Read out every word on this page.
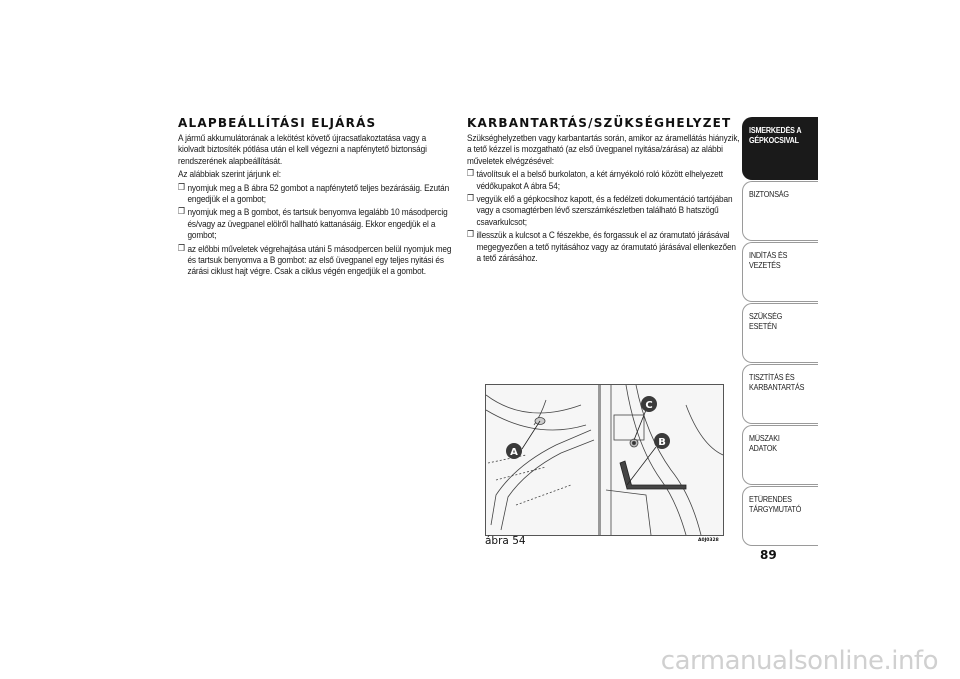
ALAPBEÁLLÍTÁSI ELJÁRÁS

A jármű akkumulátorának a lekötést követő újracsatlakoztatása vagy a kiolvadt biztosíték pótlása után el kell végezni a napfénytető biztonsági rendszerének alapbeállítását.

Az alábbiak szerint járjunk el:

❒ nyomjuk meg a B ábra 52 gombot a napfénytető teljes bezárásáig. Ezután engedjük el a gombot;
❒ nyomjuk meg a B gombot, és tartsuk benyomva legalább 10 másodpercig és/vagy az üvegpanel elölről hallható kattanásáig. Ekkor engedjük el a gombot;
❒ az előbbi műveletek végrehajtása utáni 5 másodpercen belül nyomjuk meg és tartsuk benyomva a B gombot: az első üvegpanel egy teljes nyitási és zárási ciklust hajt végre. Csak a ciklus végén engedjük el a gombot.
KARBANTARTÁS/SZÜKSÉGHELYZET

Szükséghelyzetben vagy karbantartás során, amikor az áramellátás hiányzik, a tető kézzel is mozgatható (az első üvegpanel nyitása/zárása) az alábbi műveletek elvégzésével:

❒ távolítsuk el a belső burkolaton, a két árnyékoló roló között elhelyezett védőkupakot A ábra 54;
❒ vegyük elő a gépkocsihoz kapott, és a fedélzeti dokumentáció tartójában vagy a csomagtérben lévő szerszámkészletben található B hatszögű csavarkulcsot;
❒ illesszük a kulcsot a C fészekbe, és forgassuk el az óramutató járásával megegyezően a tető nyitásához vagy az óramutató járásával ellenkezően a tető zárásához.
A
B
C
ábra 54	A0J0328
ISMERKEDÉS A GÉPKOCSIVAL
BIZTONSÁG
INDÍTÁS ÉS VEZETÉS
SZÜKSÉG ESETÉN
TISZTÍTÁS ÉS KARBANTARTÁS
MŰSZAKI ADATOK
ETŰRENDES TÁRGYMUTATÓ
89
carmanualsonline.info
